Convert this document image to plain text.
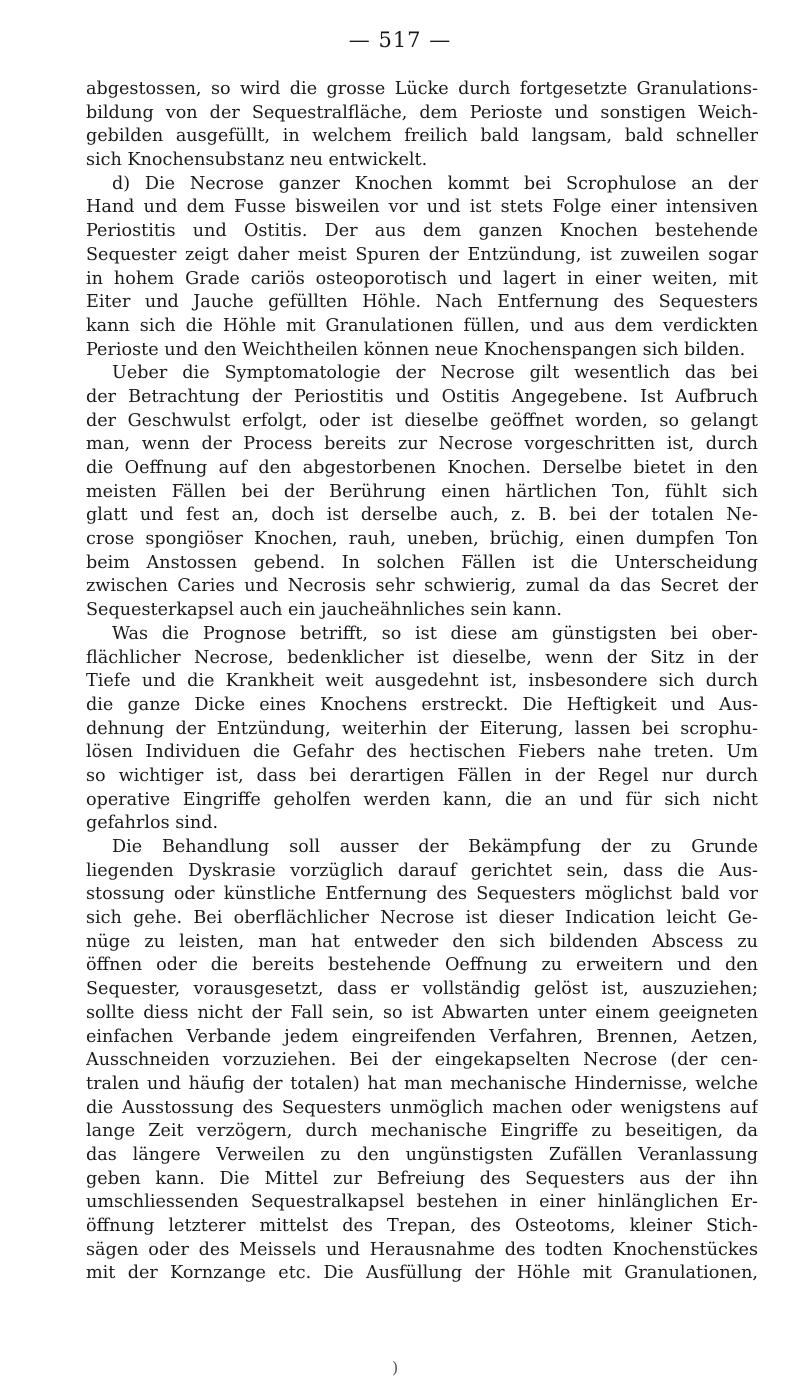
— 517 —
abgestossen, so wird die grosse Lücke durch fortgesetzte Granulations-
bildung von der Sequestralfläche, dem Perioste und sonstigen Weich-
gebilden ausgefüllt, in welchem freilich bald langsam, bald schneller
sich Knochensubstanz neu entwickelt.
d) Die Necrose ganzer Knochen kommt bei Scrophulose an der
Hand und dem Fusse bisweilen vor und ist stets Folge einer intensiven
Periostitis und Ostitis. Der aus dem ganzen Knochen bestehende
Sequester zeigt daher meist Spuren der Entzündung, ist zuweilen sogar
in hohem Grade cariös osteoporotisch und lagert in einer weiten, mit
Eiter und Jauche gefüllten Höhle. Nach Entfernung des Sequesters
kann sich die Höhle mit Granulationen füllen, und aus dem verdickten
Perioste und den Weichtheilen können neue Knochenspangen sich bilden.
Ueber die Symptomatologie der Necrose gilt wesentlich das bei
der Betrachtung der Periostitis und Ostitis Angegebene. Ist Aufbruch
der Geschwulst erfolgt, oder ist dieselbe geöffnet worden, so gelangt
man, wenn der Process bereits zur Necrose vorgeschritten ist, durch
die Oeffnung auf den abgestorbenen Knochen. Derselbe bietet in den
meisten Fällen bei der Berührung einen härtlichen Ton, fühlt sich
glatt und fest an, doch ist derselbe auch, z. B. bei der totalen Ne-
crose spongiöser Knochen, rauh, uneben, brüchig, einen dumpfen Ton
beim Anstossen gebend. In solchen Fällen ist die Unterscheidung
zwischen Caries und Necrosis sehr schwierig, zumal da das Secret der
Sequesterkapsel auch ein jaucheähnliches sein kann.
Was die Prognose betrifft, so ist diese am günstigsten bei ober-
flächlicher Necrose, bedenklicher ist dieselbe, wenn der Sitz in der
Tiefe und die Krankheit weit ausgedehnt ist, insbesondere sich durch
die ganze Dicke eines Knochens erstreckt. Die Heftigkeit und Aus-
dehnung der Entzündung, weiterhin der Eiterung, lassen bei scrophu-
lösen Individuen die Gefahr des hectischen Fiebers nahe treten. Um
so wichtiger ist, dass bei derartigen Fällen in der Regel nur durch
operative Eingriffe geholfen werden kann, die an und für sich nicht
gefahrlos sind.
Die Behandlung soll ausser der Bekämpfung der zu Grunde
liegenden Dyskrasie vorzüglich darauf gerichtet sein, dass die Aus-
stossung oder künstliche Entfernung des Sequesters möglichst bald vor
sich gehe. Bei oberflächlicher Necrose ist dieser Indication leicht Ge-
nüge zu leisten, man hat entweder den sich bildenden Abscess zu
öffnen oder die bereits bestehende Oeffnung zu erweitern und den
Sequester, vorausgesetzt, dass er vollständig gelöst ist, auszuziehen;
sollte diess nicht der Fall sein, so ist Abwarten unter einem geeigneten
einfachen Verbande jedem eingreifenden Verfahren, Brennen, Aetzen,
Ausschneiden vorzuziehen. Bei der eingekapselten Necrose (der cen-
tralen und häufig der totalen) hat man mechanische Hindernisse, welche
die Ausstossung des Sequesters unmöglich machen oder wenigstens auf
lange Zeit verzögern, durch mechanische Eingriffe zu beseitigen, da
das längere Verweilen zu den ungünstigsten Zufällen Veranlassung
geben kann. Die Mittel zur Befreiung des Sequesters aus der ihn
umschliessenden Sequestralkapsel bestehen in einer hinlänglichen Er-
öffnung letzterer mittelst des Trepan, des Osteotoms, kleiner Stich-
sägen oder des Meissels und Herausnahme des todten Knochenstückes
mit der Kornzange etc. Die Ausfüllung der Höhle mit Granulationen,
)
